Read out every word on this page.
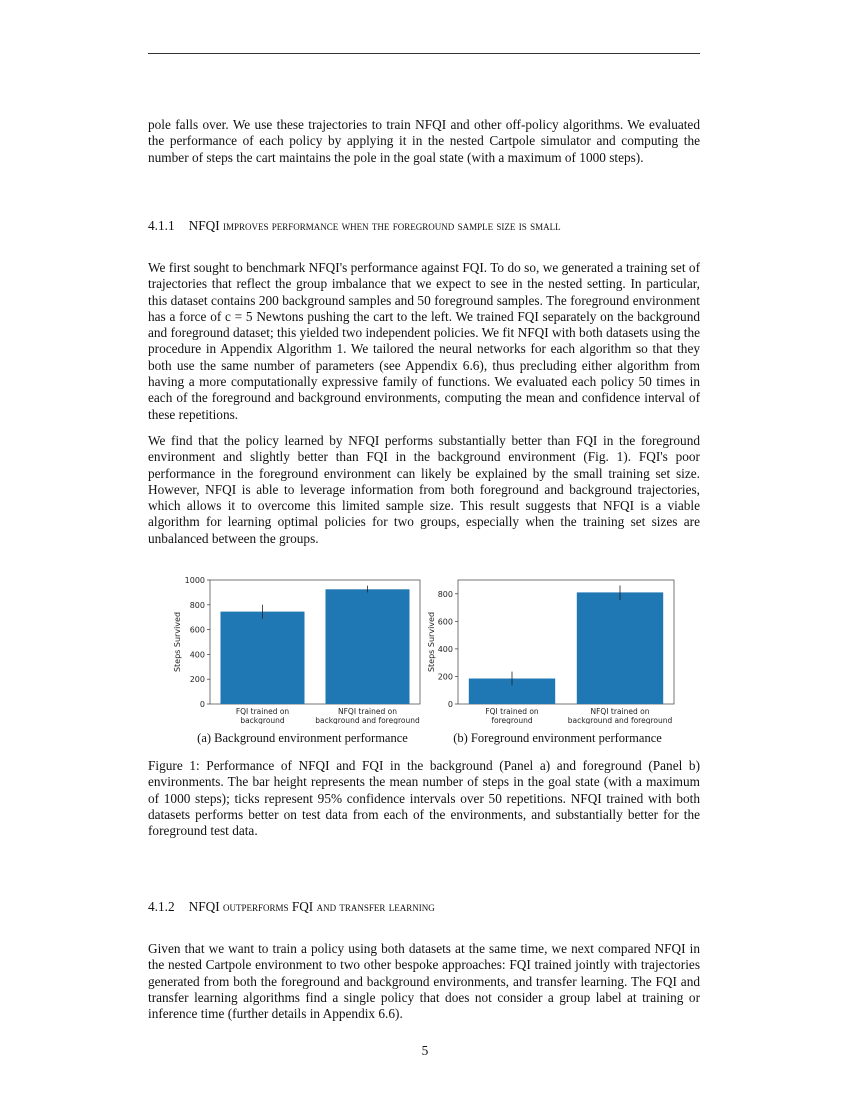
pole falls over. We use these trajectories to train NFQI and other off-policy algorithms. We evaluated the performance of each policy by applying it in the nested Cartpole simulator and computing the number of steps the cart maintains the pole in the goal state (with a maximum of 1000 steps).

4.1.1 NFQI improves performance when the foreground sample size is small

We first sought to benchmark NFQI's performance against FQI. To do so, we generated a training set of trajectories that reflect the group imbalance that we expect to see in the nested setting. In particular, this dataset contains 200 background samples and 50 foreground samples. The foreground environment has a force of c = 5 Newtons pushing the cart to the left. We trained FQI separately on the background and foreground dataset; this yielded two independent policies. We fit NFQI with both datasets using the procedure in Appendix Algorithm 1. We tailored the neural networks for each algorithm so that they both use the same number of parameters (see Appendix 6.6), thus precluding either algorithm from having a more computationally expressive family of functions. We evaluated each policy 50 times in each of the foreground and background environments, computing the mean and confidence interval of these repetitions.

We find that the policy learned by NFQI performs substantially better than FQI in the foreground environment and slightly better than FQI in the background environment (Fig. 1). FQI's poor performance in the foreground environment can likely be explained by the small training set size. However, NFQI is able to leverage information from both foreground and background trajectories, which allows it to overcome this limited sample size. This result suggests that NFQI is a viable algorithm for learning optimal policies for two groups, especially when the training set sizes are unbalanced between the groups.

0
200
400
600
800
1000
Steps Survived
FQI trained on
background
NFQI trained on
background and foreground
0
200
400
600
800
Steps Survived
FQI trained on
foreground
NFQI trained on
background and foreground
(a) Background environment performance	(b) Foreground environment performance
Figure 1: Performance of NFQI and FQI in the background (Panel a) and foreground (Panel b) environments. The bar height represents the mean number of steps in the goal state (with a maximum of 1000 steps); ticks represent 95% confidence intervals over 50 repetitions. NFQI trained with both datasets performs better on test data from each of the environments, and substantially better for the foreground test data.
4.1.2 NFQI outperforms FQI and transfer learning

Given that we want to train a policy using both datasets at the same time, we next compared NFQI in the nested Cartpole environment to two other bespoke approaches: FQI trained jointly with trajectories generated from both the foreground and background environments, and transfer learning. The FQI and transfer learning algorithms find a single policy that does not consider a group label at training or inference time (further details in Appendix 6.6).

5
